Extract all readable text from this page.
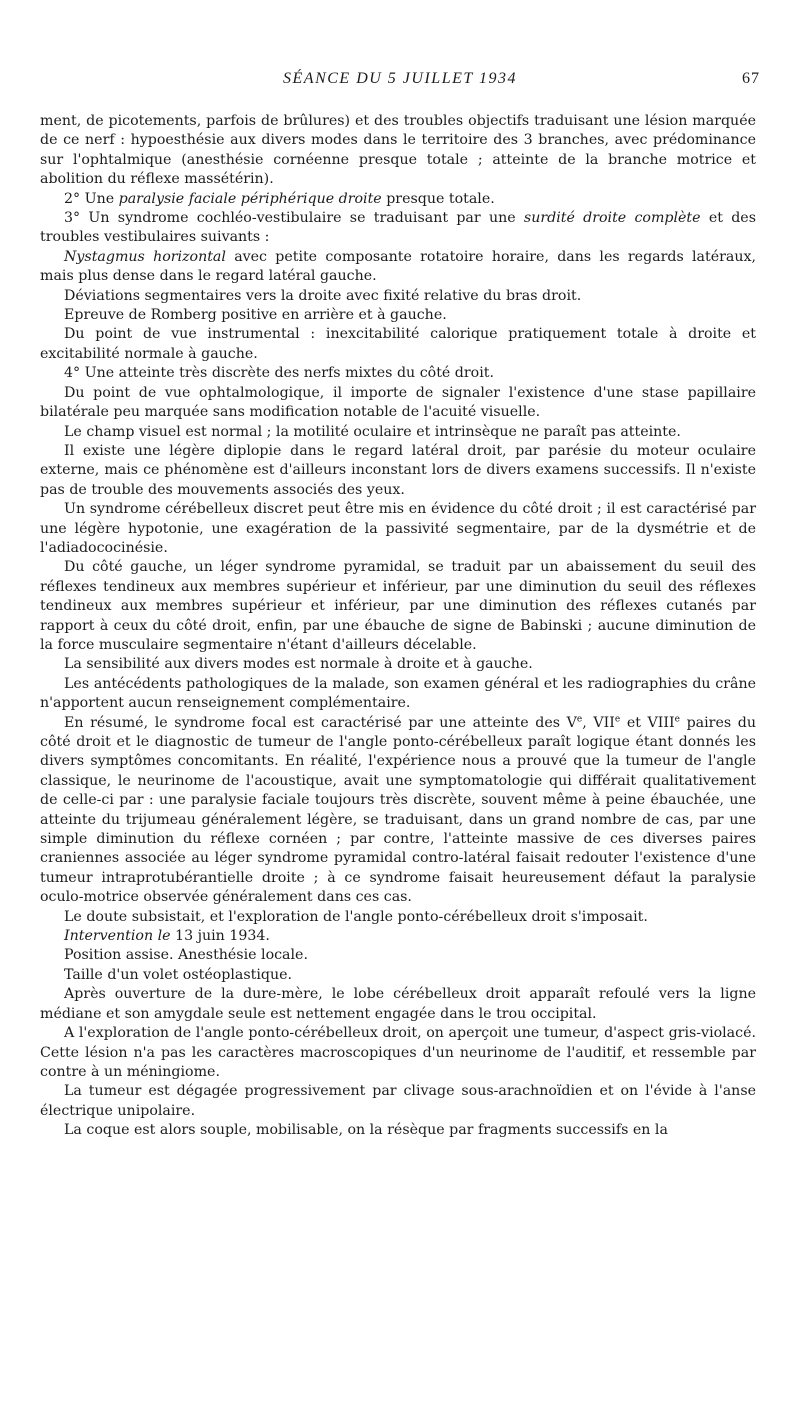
SÉANCE DU 5 JUILLET 1934	67

ment, de picotements, parfois de brûlures) et des troubles objectifs traduisant une lésion marquée de ce nerf : hypoesthésie aux divers modes dans le territoire des 3 branches, avec prédominance sur l'ophtalmique (anesthésie cornéenne presque totale ; atteinte de la branche motrice et abolition du réflexe massétérin).

2° Une paralysie faciale périphérique droite presque totale.

3° Un syndrome cochléo-vestibulaire se traduisant par une surdité droite complète et des troubles vestibulaires suivants :

Nystagmus horizontal avec petite composante rotatoire horaire, dans les regards latéraux, mais plus dense dans le regard latéral gauche.

Déviations segmentaires vers la droite avec fixité relative du bras droit.

Epreuve de Romberg positive en arrière et à gauche.

Du point de vue instrumental : inexcitabilité calorique pratiquement totale à droite et excitabilité normale à gauche.

4° Une atteinte très discrète des nerfs mixtes du côté droit.

Du point de vue ophtalmologique, il importe de signaler l'existence d'une stase papillaire bilatérale peu marquée sans modification notable de l'acuité visuelle.

Le champ visuel est normal ; la motilité oculaire et intrinsèque ne paraît pas atteinte.

Il existe une légère diplopie dans le regard latéral droit, par parésie du moteur oculaire externe, mais ce phénomène est d'ailleurs inconstant lors de divers examens successifs. Il n'existe pas de trouble des mouvements associés des yeux.

Un syndrome cérébelleux discret peut être mis en évidence du côté droit ; il est caractérisé par une légère hypotonie, une exagération de la passivité segmentaire, par de la dysmétrie et de l'adiadococinésie.

Du côté gauche, un léger syndrome pyramidal, se traduit par un abaissement du seuil des réflexes tendineux aux membres supérieur et inférieur, par une diminution du seuil des réflexes tendineux aux membres supérieur et inférieur, par une diminution des réflexes cutanés par rapport à ceux du côté droit, enfin, par une ébauche de signe de Babinski ; aucune diminution de la force musculaire segmentaire n'étant d'ailleurs décelable.

La sensibilité aux divers modes est normale à droite et à gauche.

Les antécédents pathologiques de la malade, son examen général et les radiographies du crâne n'apportent aucun renseignement complémentaire.

En résumé, le syndrome focal est caractérisé par une atteinte des Ve, VIIe et VIIIe paires du côté droit et le diagnostic de tumeur de l'angle ponto-cérébelleux paraît logique étant donnés les divers symptômes concomitants. En réalité, l'expérience nous a prouvé que la tumeur de l'angle classique, le neurinome de l'acoustique, avait une symptomatologie qui différait qualitativement de celle-ci par : une paralysie faciale toujours très discrète, souvent même à peine ébauchée, une atteinte du trijumeau généralement légère, se traduisant, dans un grand nombre de cas, par une simple diminution du réflexe cornéen ; par contre, l'atteinte massive de ces diverses paires craniennes associée au léger syndrome pyramidal contro-latéral faisait redouter l'existence d'une tumeur intraprotubérantielle droite ; à ce syndrome faisait heureusement défaut la paralysie oculo-motrice observée généralement dans ces cas.

Le doute subsistait, et l'exploration de l'angle ponto-cérébelleux droit s'imposait.

Intervention le 13 juin 1934.

Position assise. Anesthésie locale.

Taille d'un volet ostéoplastique.

Après ouverture de la dure-mère, le lobe cérébelleux droit apparaît refoulé vers la ligne médiane et son amygdale seule est nettement engagée dans le trou occipital.

A l'exploration de l'angle ponto-cérébelleux droit, on aperçoit une tumeur, d'aspect gris-violacé. Cette lésion n'a pas les caractères macroscopiques d'un neurinome de l'auditif, et ressemble par contre à un méningiome.

La tumeur est dégagée progressivement par clivage sous-arachnoïdien et on l'évide à l'anse électrique unipolaire.

La coque est alors souple, mobilisable, on la résèque par fragments successifs en la
